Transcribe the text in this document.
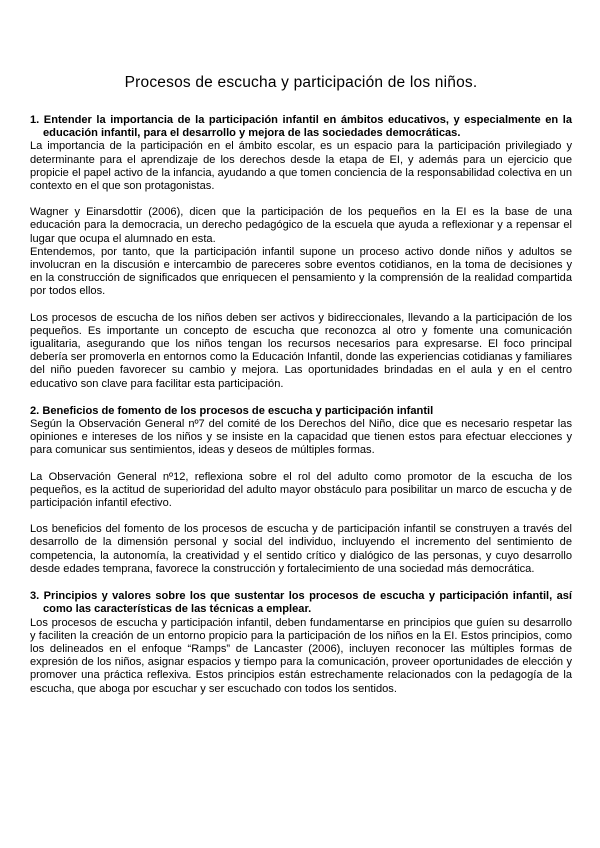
Procesos de escucha y participación de los niños.

1. Entender la importancia de la participación infantil en ámbitos educativos, y especialmente en la educación infantil, para el desarrollo y mejora de las sociedades democráticas.

La importancia de la participación en el ámbito escolar, es un espacio para la participación privilegiado y determinante para el aprendizaje de los derechos desde la etapa de EI, y además para un ejercicio que propicie el papel activo de la infancia, ayudando a que tomen conciencia de la responsabilidad colectiva en un contexto en el que son protagonistas.

Wagner y Einarsdottir (2006), dicen que la participación de los pequeños en la EI es la base de una educación para la democracia, un derecho pedagógico de la escuela que ayuda a reflexionar y a repensar el lugar que ocupa el alumnado en esta.

Entendemos, por tanto, que la participación infantil supone un proceso activo donde niños y adultos se involucran en la discusión e intercambio de pareceres sobre eventos cotidianos, en la toma de decisiones y en la construcción de significados que enriquecen el pensamiento y la comprensión de la realidad compartida por todos ellos.

Los procesos de escucha de los niños deben ser activos y bidireccionales, llevando a la participación de los pequeños. Es importante un concepto de escucha que reconozca al otro y fomente una comunicación igualitaria, asegurando que los niños tengan los recursos necesarios para expresarse. El foco principal debería ser promoverla en entornos como la Educación Infantil, donde las experiencias cotidianas y familiares del niño pueden favorecer su cambio y mejora. Las oportunidades brindadas en el aula y en el centro educativo son clave para facilitar esta participación.

2. Beneficios de fomento de los procesos de escucha y participación infantil

Según la Observación General nº7 del comité de los Derechos del Niño, dice que es necesario respetar las opiniones e intereses de los niños y se insiste en la capacidad que tienen estos para efectuar elecciones y para comunicar sus sentimientos, ideas y deseos de múltiples formas.

La Observación General nº12, reflexiona sobre el rol del adulto como promotor de la escucha de los pequeños, es la actitud de superioridad del adulto mayor obstáculo para posibilitar un marco de escucha y de participación infantil efectivo.

Los beneficios del fomento de los procesos de escucha y de participación infantil se construyen a través del desarrollo de la dimensión personal y social del individuo, incluyendo el incremento del sentimiento de competencia, la autonomía, la creatividad y el sentido crítico y dialógico de las personas, y cuyo desarrollo desde edades temprana, favorece la construcción y fortalecimiento de una sociedad más democrática.

3. Principios y valores sobre los que sustentar los procesos de escucha y participación infantil, así como las características de las técnicas a emplear.

Los procesos de escucha y participación infantil, deben fundamentarse en principios que guíen su desarrollo y faciliten la creación de un entorno propicio para la participación de los niños en la EI. Estos principios, como los delineados en el enfoque “Ramps” de Lancaster (2006), incluyen reconocer las múltiples formas de expresión de los niños, asignar espacios y tiempo para la comunicación, proveer oportunidades de elección y promover una práctica reflexiva. Estos principios están estrechamente relacionados con la pedagogía de la escucha, que aboga por escuchar y ser escuchado con todos los sentidos.
